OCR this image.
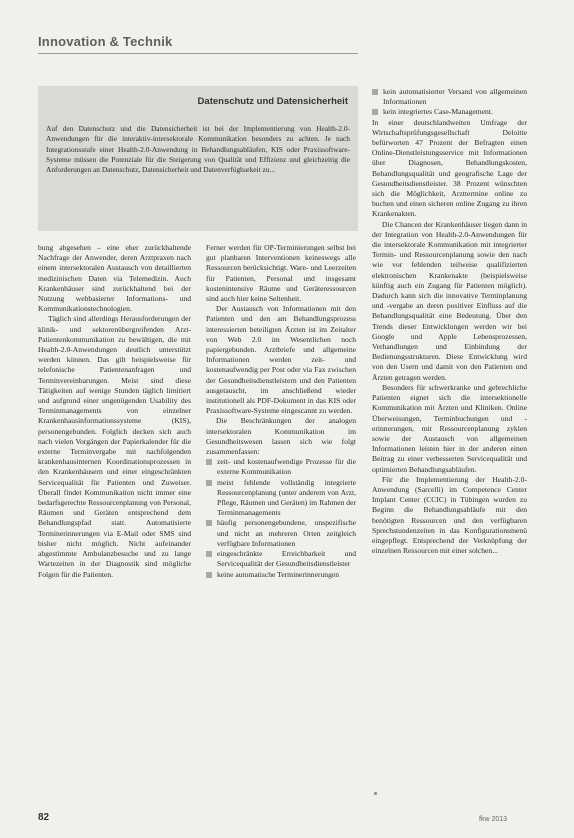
Innovation & Technik
Datenschutz und Datensicherheit
Auf den Datenschutz und die Datensicherheit ist bei der Implementierung von Health-2.0-Anwendungen für die interaktiv-intersektorale Kommunikation besonders zu achten. Je nach Integrationsstufe einer Health-2.0-Anwendung in Behandlungsabläufen, KIS oder Praxissoftware-Systeme müssen die Potenziale für die Steigerung von Qualität und Effizienz und gleichzeitig die Anforderungen an Datenschutz, Datensicherheit und Datenverfügbarkeit zu...

bung abgesehen – eine eher zurückhaltende Nachfrage der Anwender, deren Arztpraxen nach einem intersektoralen Austausch von detaillierten medizinischen Daten via Telemedizin. Auch Krankenhäuser sind zurückhaltend bei der Nutzung webbasierter Informations- und Kommunikationstechnologien.

Täglich sind allerdings Herausforderungen der klinik- und sektorenübergreifenden Arzt-Patientenkommunikation zu bewältigen, die mit Health-2.0-Anwendungen deutlich unterstützt werden können. Das gilt beispielsweise für telefonische Patientenanfragen und Terminvereinbarungen. Meist sind diese Tätigkeiten auf wenige Stunden täglich limitiert und aufgrund einer ungenügenden Usability des Terminmanagements von einzelner Krankenhausinformationssysteme (KIS), personengebunden. Folglich decken sich auch nach vielen Vorgängen der Papierkalender für die externe Terminvergabe mit nachfolgenden krankenhausinternen Koordinationsprozessen in den Krankenhäusern und einer eingeschränkten Servicequalität für Patienten und Zuweiser. Überall findet Kommunikation nicht immer eine bedarfsgerechte Ressourcenplanung von Personal, Räumen und Geräten entsprechend dem Behandlungspfad statt. Automatisierte Terminerinnerungen via E-Mail oder SMS sind bisher nicht möglich. Nicht aufeinander abgestimmte Ambulanzbesuche und zu lange Wartezeiten in der Diagnostik sind mögliche Folgen für die Patienten.

Ferner werden für OP-Terminierungen selbst bei gut planbaren Interventionen keineswegs alle Ressourcen berücksichtigt. Ware- und Leerzeiten für Patienten, Personal und insgesamt kostenintensive Räume und Geräteressourcen sind auch hier keine Seltenheit.

Der Austausch von Informationen mit den Patienten und den am Behandlungsprozess interessierten beteiligten Ärzten ist im Zeitalter von Web 2.0 im Wesentlichen noch papiergebunden. Arztbriefe und allgemeine Informationen werden zeit- und kostenaufwendig per Post oder via Fax zwischen der Gesundheitsdienstleistern und den Patienten ausgetauscht, im anschließend wieder institutionell als PDF-Dokument in das KIS oder Praxissoftware-Systeme eingescannt zu werden.

Die Beschränkungen der analogen intersektoralen Kommunikation im Gesundheitswesen lassen sich wie folgt zusammenfassen:

zeit- und kostenaufwendige Prozesse für die externe Kommunikation
meist fehlende vollständig integrierte Ressourcenplanung (unter anderem von Arzt, Pflege, Räumen und Geräten) im Rahmen der Terminmanagements
häufig personengebundene, unspezifische und nicht an mehreren Orten zeitgleich verfügbare Informationen
eingeschränkte Erreichbarkeit und Servicequalität der Gesundheitsdienstleister
keine automatische Terminerinnerungen
kein automatisierter Versand von allgemeinen Informationen
kein integriertes Case-Management.

In einer deutschlandweiten Umfrage der Wirtschaftsprüfungsgesellschaft Deloitte befürworten 47 Prozent der Befragten einen Online-Dienstleistungsservice mit Informationen über Diagnosen, Behandlungskosten, Behandlungsqualität und geografische Lage der Gesundheitsdienstleister. 38 Prozent wünschten sich die Möglichkeit, Arzttermine online zu buchen und einen sicheren online Zugang zu ihren Krankenakten.

Die Chancen der Krankenhäuser liegen dann in der Integration von Health-2.0-Anwendungen für die intersektorale Kommunikation mit integrierter Termin- und Ressourcenplanung sowie den nach wie vor fehlenden teilweise qualifizierten elektronischen Krankenakte (beispielsweise künftig auch ein Zugang für Patienten möglich). Dadurch kann sich die innovative Terminplanung und -vergabe an deren positiver Einfluss auf die Behandlungsqualität eine Bedeutung. Über den Trends dieser Entwicklungen werden wir bei Google und Apple Lebensprozessen, Verhandlungen und Einbindung der Bedienungsstrukturen. Diese Entwicklung wird von den Usern und damit von den Patienten und Ärzten getragen werden.

Besonders für schwerkranke und gebrechliche Patienten eignet sich die intersektionelle Kommunikation mit Ärzten und Kliniken. Online Überweisungen, Terminbuchungen und -erinnerungen, mit Ressourcenplanung zyklen sowie der Austausch von allgemeinen Informationen leisten hier in der anderen einen Beitrag zu einer verbesserten Servicequalität und optimierten Behandlungsabläufen.

Für die Implementierung der Health-2.0-Anwendung (Sarcelli) im Competence Center Implant Center (CCIC) in Tübingen wurden zu Beginn die Behandlungsabläufe mit den benötigten Ressourcen und den verfügbaren Sprechstundenzeiten in das Konfigurationsmenü eingepflegt. Entsprechend der Verknüpfung der einzelnen Ressourcen mit einer solchen...

82	fkw 2013
